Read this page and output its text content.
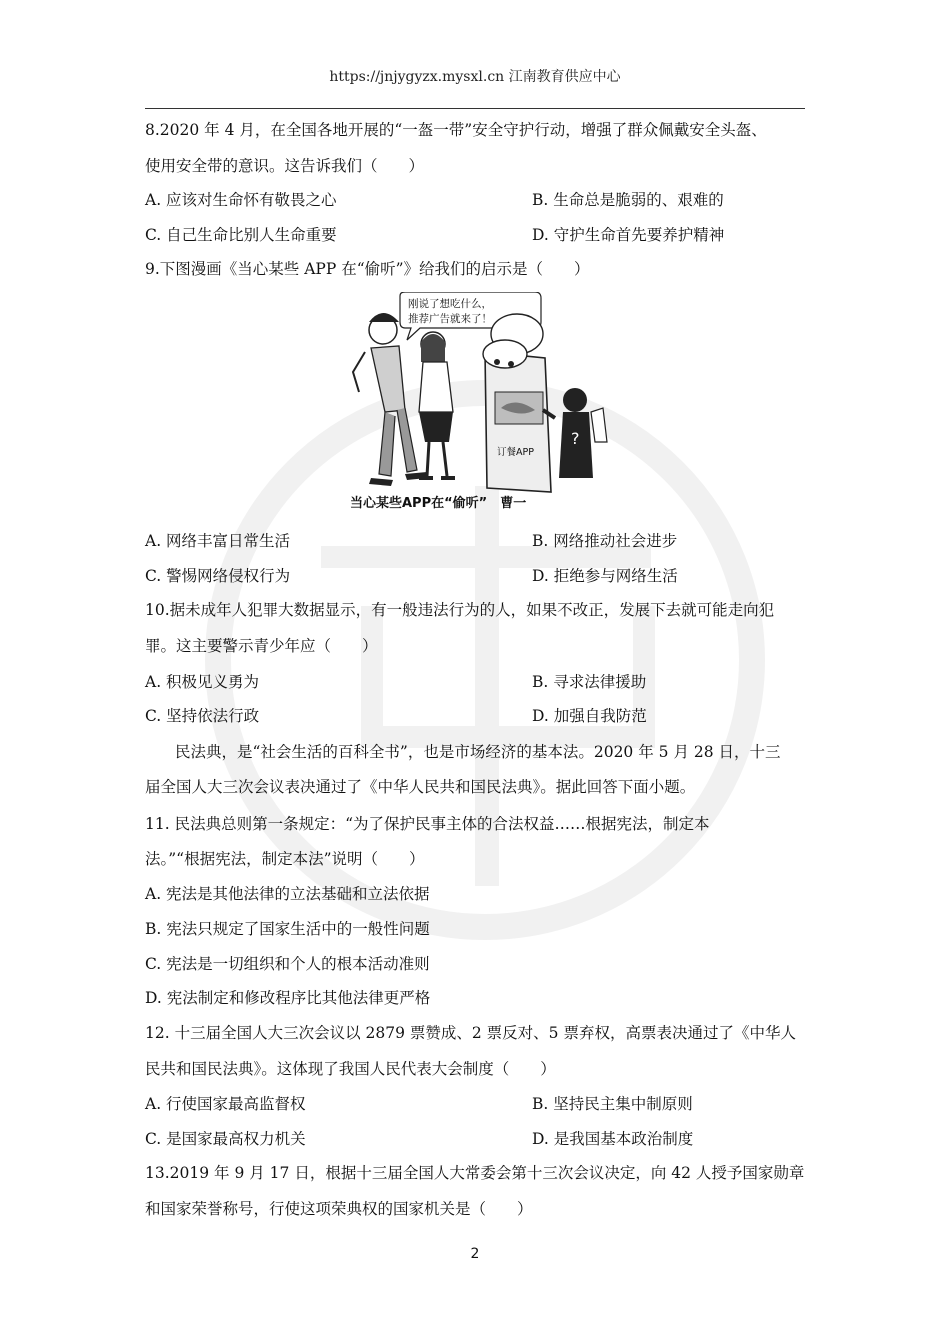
https://jnjygyzx.mysxl.cn 江南教育供应中心
8.2020 年 4 月，在全国各地开展的“一盔一带”安全守护行动，增强了群众佩戴安全头盔、
使用安全带的意识。这告诉我们（　　）
A. 应该对生命怀有敬畏之心	B. 生命总是脆弱的、艰难的
C. 自己生命比别人生命重要	D. 守护生命首先要养护精神
9.下图漫画《当心某些 APP 在“偷听”》给我们的启示是（　　）
刚说了想吃什么，
推荐广告就来了！
订餐APP
?
当心某些APP在“偷听”　曹一
A. 网络丰富日常生活	B. 网络推动社会进步
C. 警惕网络侵权行为	D. 拒绝参与网络生活
10.据未成年人犯罪大数据显示，有一般违法行为的人，如果不改正，发展下去就可能走向犯
罪。这主要警示青少年应（　　）
A. 积极见义勇为	B. 寻求法律援助
C. 坚持依法行政	D. 加强自我防范
民法典，是“社会生活的百科全书”，也是市场经济的基本法。2020 年 5 月 28 日，十三
届全国人大三次会议表决通过了《中华人民共和国民法典》。据此回答下面小题。
11. 民法典总则第一条规定：“为了保护民事主体的合法权益……根据宪法，制定本
法。”“根据宪法，制定本法”说明（　　）
A. 宪法是其他法律的立法基础和立法依据
B. 宪法只规定了国家生活中的一般性问题
C. 宪法是一切组织和个人的根本活动准则
D. 宪法制定和修改程序比其他法律更严格
12. 十三届全国人大三次会议以 2879 票赞成、2 票反对、5 票弃权，高票表决通过了《中华人
民共和国民法典》。这体现了我国人民代表大会制度（　　）
A. 行使国家最高监督权	B. 坚持民主集中制原则
C. 是国家最高权力机关	D. 是我国基本政治制度
13.2019 年 9 月 17 日，根据十三届全国人大常委会第十三次会议决定，向 42 人授予国家勋章
和国家荣誉称号，行使这项荣典权的国家机关是（　　）
2
